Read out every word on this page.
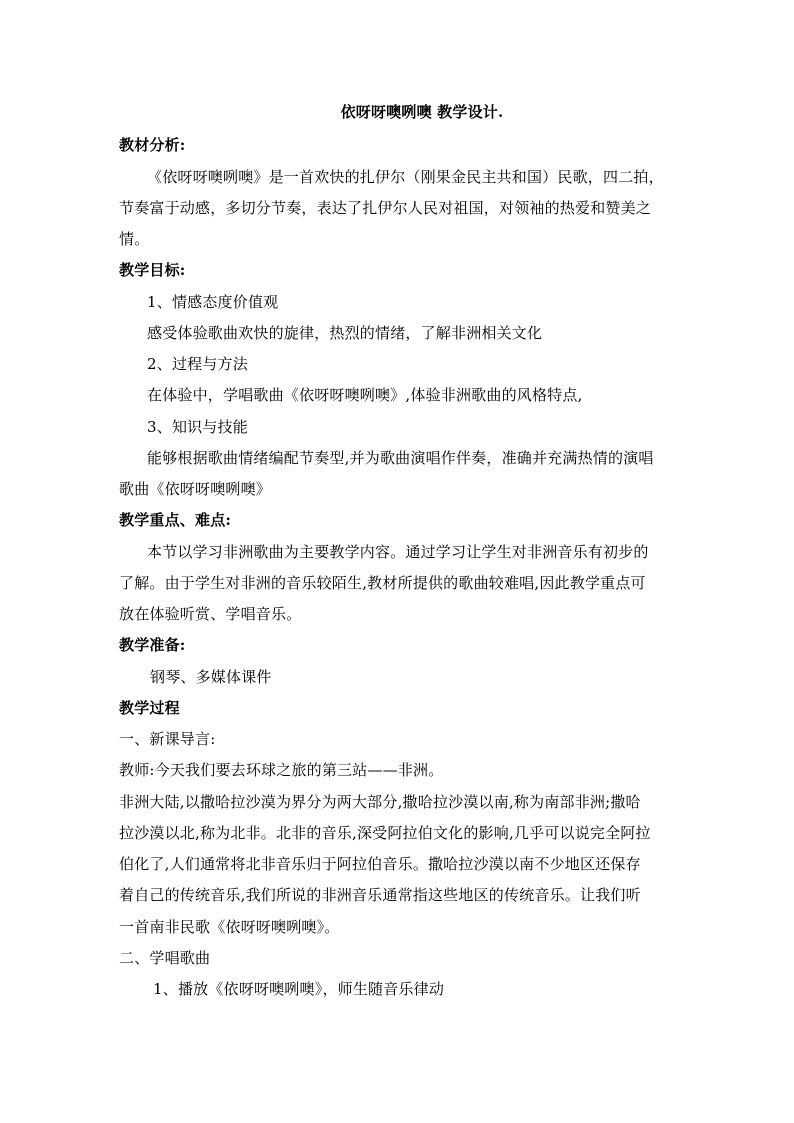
依呀呀噢咧噢 教学设计.
教材分析:
《依呀呀噢咧噢》是一首欢快的扎伊尔（刚果金民主共和国）民歌，四二拍，
节奏富于动感，多切分节奏，表达了扎伊尔人民对祖国，对领袖的热爱和赞美之
情。
教学目标:
1、情感态度价值观
感受体验歌曲欢快的旋律，热烈的情绪，了解非洲相关文化
2、过程与方法
在体验中，学唱歌曲《依呀呀噢咧噢》,体验非洲歌曲的风格特点,
3、知识与技能
能够根据歌曲情绪编配节奏型,并为歌曲演唱作伴奏，准确并充满热情的演唱
歌曲《依呀呀噢咧噢》
教学重点、难点:
本节以学习非洲歌曲为主要教学内容。通过学习让学生对非洲音乐有初步的
了解。由于学生对非洲的音乐较陌生,教材所提供的歌曲较难唱,因此教学重点可
放在体验听赏、学唱音乐。
教学准备:
钢琴、多媒体课件
教学过程
一、新课导言:
教师:今天我们要去环球之旅的第三站——非洲。
非洲大陆,以撒哈拉沙漠为界分为两大部分,撒哈拉沙漠以南,称为南部非洲;撒哈
拉沙漠以北,称为北非。北非的音乐,深受阿拉伯文化的影响,几乎可以说完全阿拉
伯化了,人们通常将北非音乐归于阿拉伯音乐。撒哈拉沙漠以南不少地区还保存
着自己的传统音乐,我们所说的非洲音乐通常指这些地区的传统音乐。让我们听
一首南非民歌《依呀呀噢咧噢》。
二、学唱歌曲
1、播放《依呀呀噢咧噢》，师生随音乐律动
